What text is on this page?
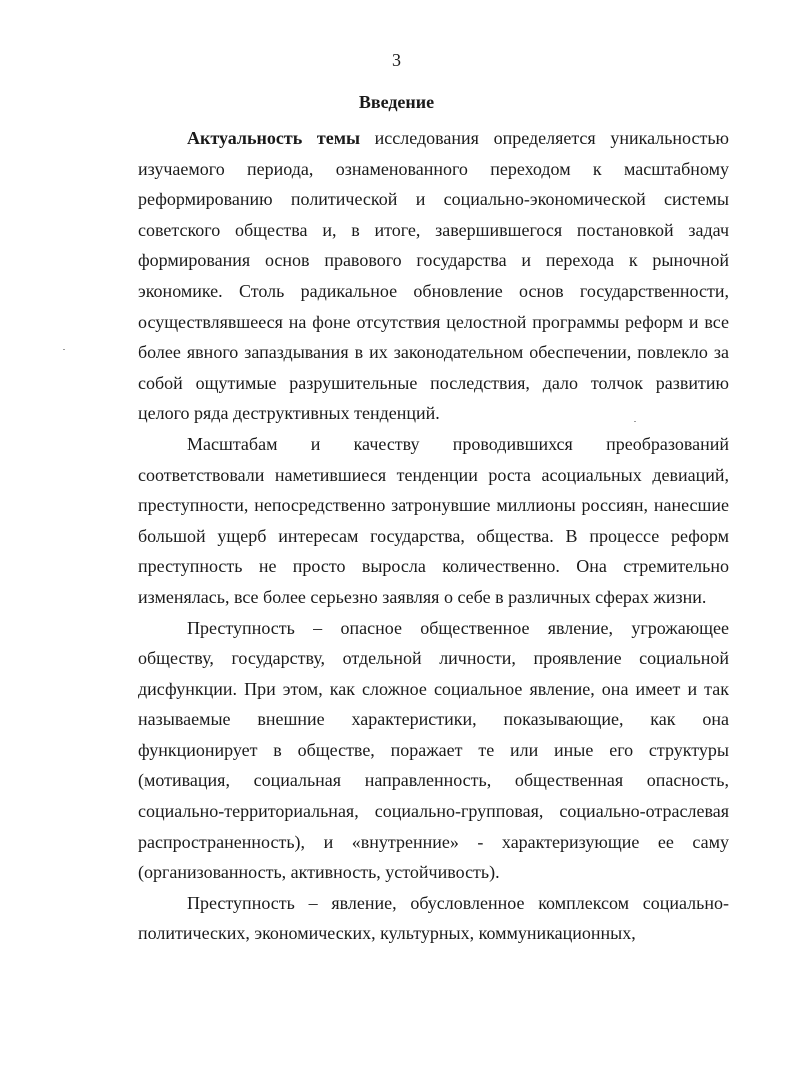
3

Введение

Актуальность темы исследования определяется уникальностью изучаемого периода, ознаменованного переходом к масштабному реформированию политической и социально-экономической системы советского общества и, в итоге, завершившегося постановкой задач формирования основ правового государства и перехода к рыночной экономике. Столь радикальное обновление основ государственности, осуществлявшееся на фоне отсутствия целостной программы реформ и все более явного запаздывания в их законодательном обеспечении, повлекло за собой ощутимые разрушительные последствия, дало толчок развитию целого ряда деструктивных тенденций.

Масштабам и качеству проводившихся преобразований соответствовали наметившиеся тенденции роста асоциальных девиаций, преступности, непосредственно затронувшие миллионы россиян, нанесшие большой ущерб интересам государства, общества. В процессе реформ преступность не просто выросла количественно. Она стремительно изменялась, все более серьезно заявляя о себе в различных сферах жизни.

Преступность – опасное общественное явление, угрожающее обществу, государству, отдельной личности, проявление социальной дисфункции. При этом, как сложное социальное явление, она имеет и так называемые внешние характеристики, показывающие, как она функционирует в обществе, поражает те или иные его структуры (мотивация, социальная направленность, общественная опасность, социально-территориальная, социально-групповая, социально-отраслевая распространенность), и «внутренние» - характеризующие ее саму (организованность, активность, устойчивость).

Преступность – явление, обусловленное комплексом социально-политических, экономических, культурных, коммуникационных,
